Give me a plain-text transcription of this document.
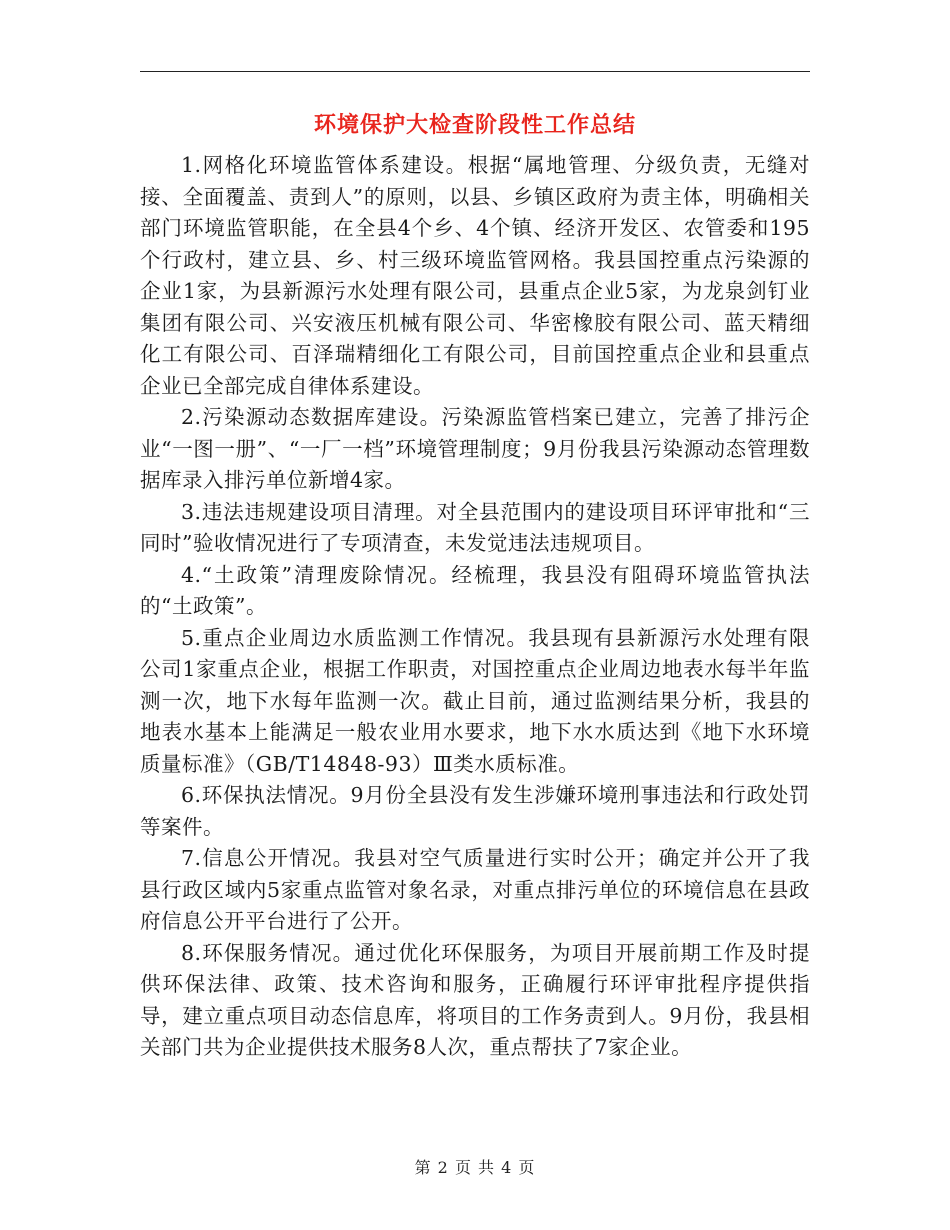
环境保护大检查阶段性工作总结

1.网格化环境监管体系建设。根据“属地管理、分级负责，无缝对接、全面覆盖、责到人”的原则，以县、乡镇区政府为责主体，明确相关部门环境监管职能，在全县4个乡、4个镇、经济开发区、农管委和195个行政村，建立县、乡、村三级环境监管网格。我县国控重点污染源的企业1家，为县新源污水处理有限公司，县重点企业5家，为龙泉剑钉业集团有限公司、兴安液压机械有限公司、华密橡胶有限公司、蓝天精细化工有限公司、百泽瑞精细化工有限公司，目前国控重点企业和县重点企业已全部完成自律体系建设。

2.污染源动态数据库建设。污染源监管档案已建立，完善了排污企业“一图一册”、“一厂一档”环境管理制度；9月份我县污染源动态管理数据库录入排污单位新增4家。

3.违法违规建设项目清理。对全县范围内的建设项目环评审批和“三同时”验收情况进行了专项清查，未发觉违法违规项目。

4.“土政策”清理废除情况。经梳理，我县没有阻碍环境监管执法的“土政策”。

5.重点企业周边水质监测工作情况。我县现有县新源污水处理有限公司1家重点企业，根据工作职责，对国控重点企业周边地表水每半年监测一次，地下水每年监测一次。截止目前，通过监测结果分析，我县的地表水基本上能满足一般农业用水要求，地下水水质达到《地下水环境质量标准》（GB/T14848-93）Ⅲ类水质标准。

6.环保执法情况。9月份全县没有发生涉嫌环境刑事违法和行政处罚等案件。

7.信息公开情况。我县对空气质量进行实时公开；确定并公开了我县行政区域内5家重点监管对象名录，对重点排污单位的环境信息在县政府信息公开平台进行了公开。

8.环保服务情况。通过优化环保服务，为项目开展前期工作及时提供环保法律、政策、技术咨询和服务，正确履行环评审批程序提供指导，建立重点项目动态信息库，将项目的工作务责到人。9月份，我县相关部门共为企业提供技术服务8人次，重点帮扶了7家企业。

第 2 页 共 4 页
